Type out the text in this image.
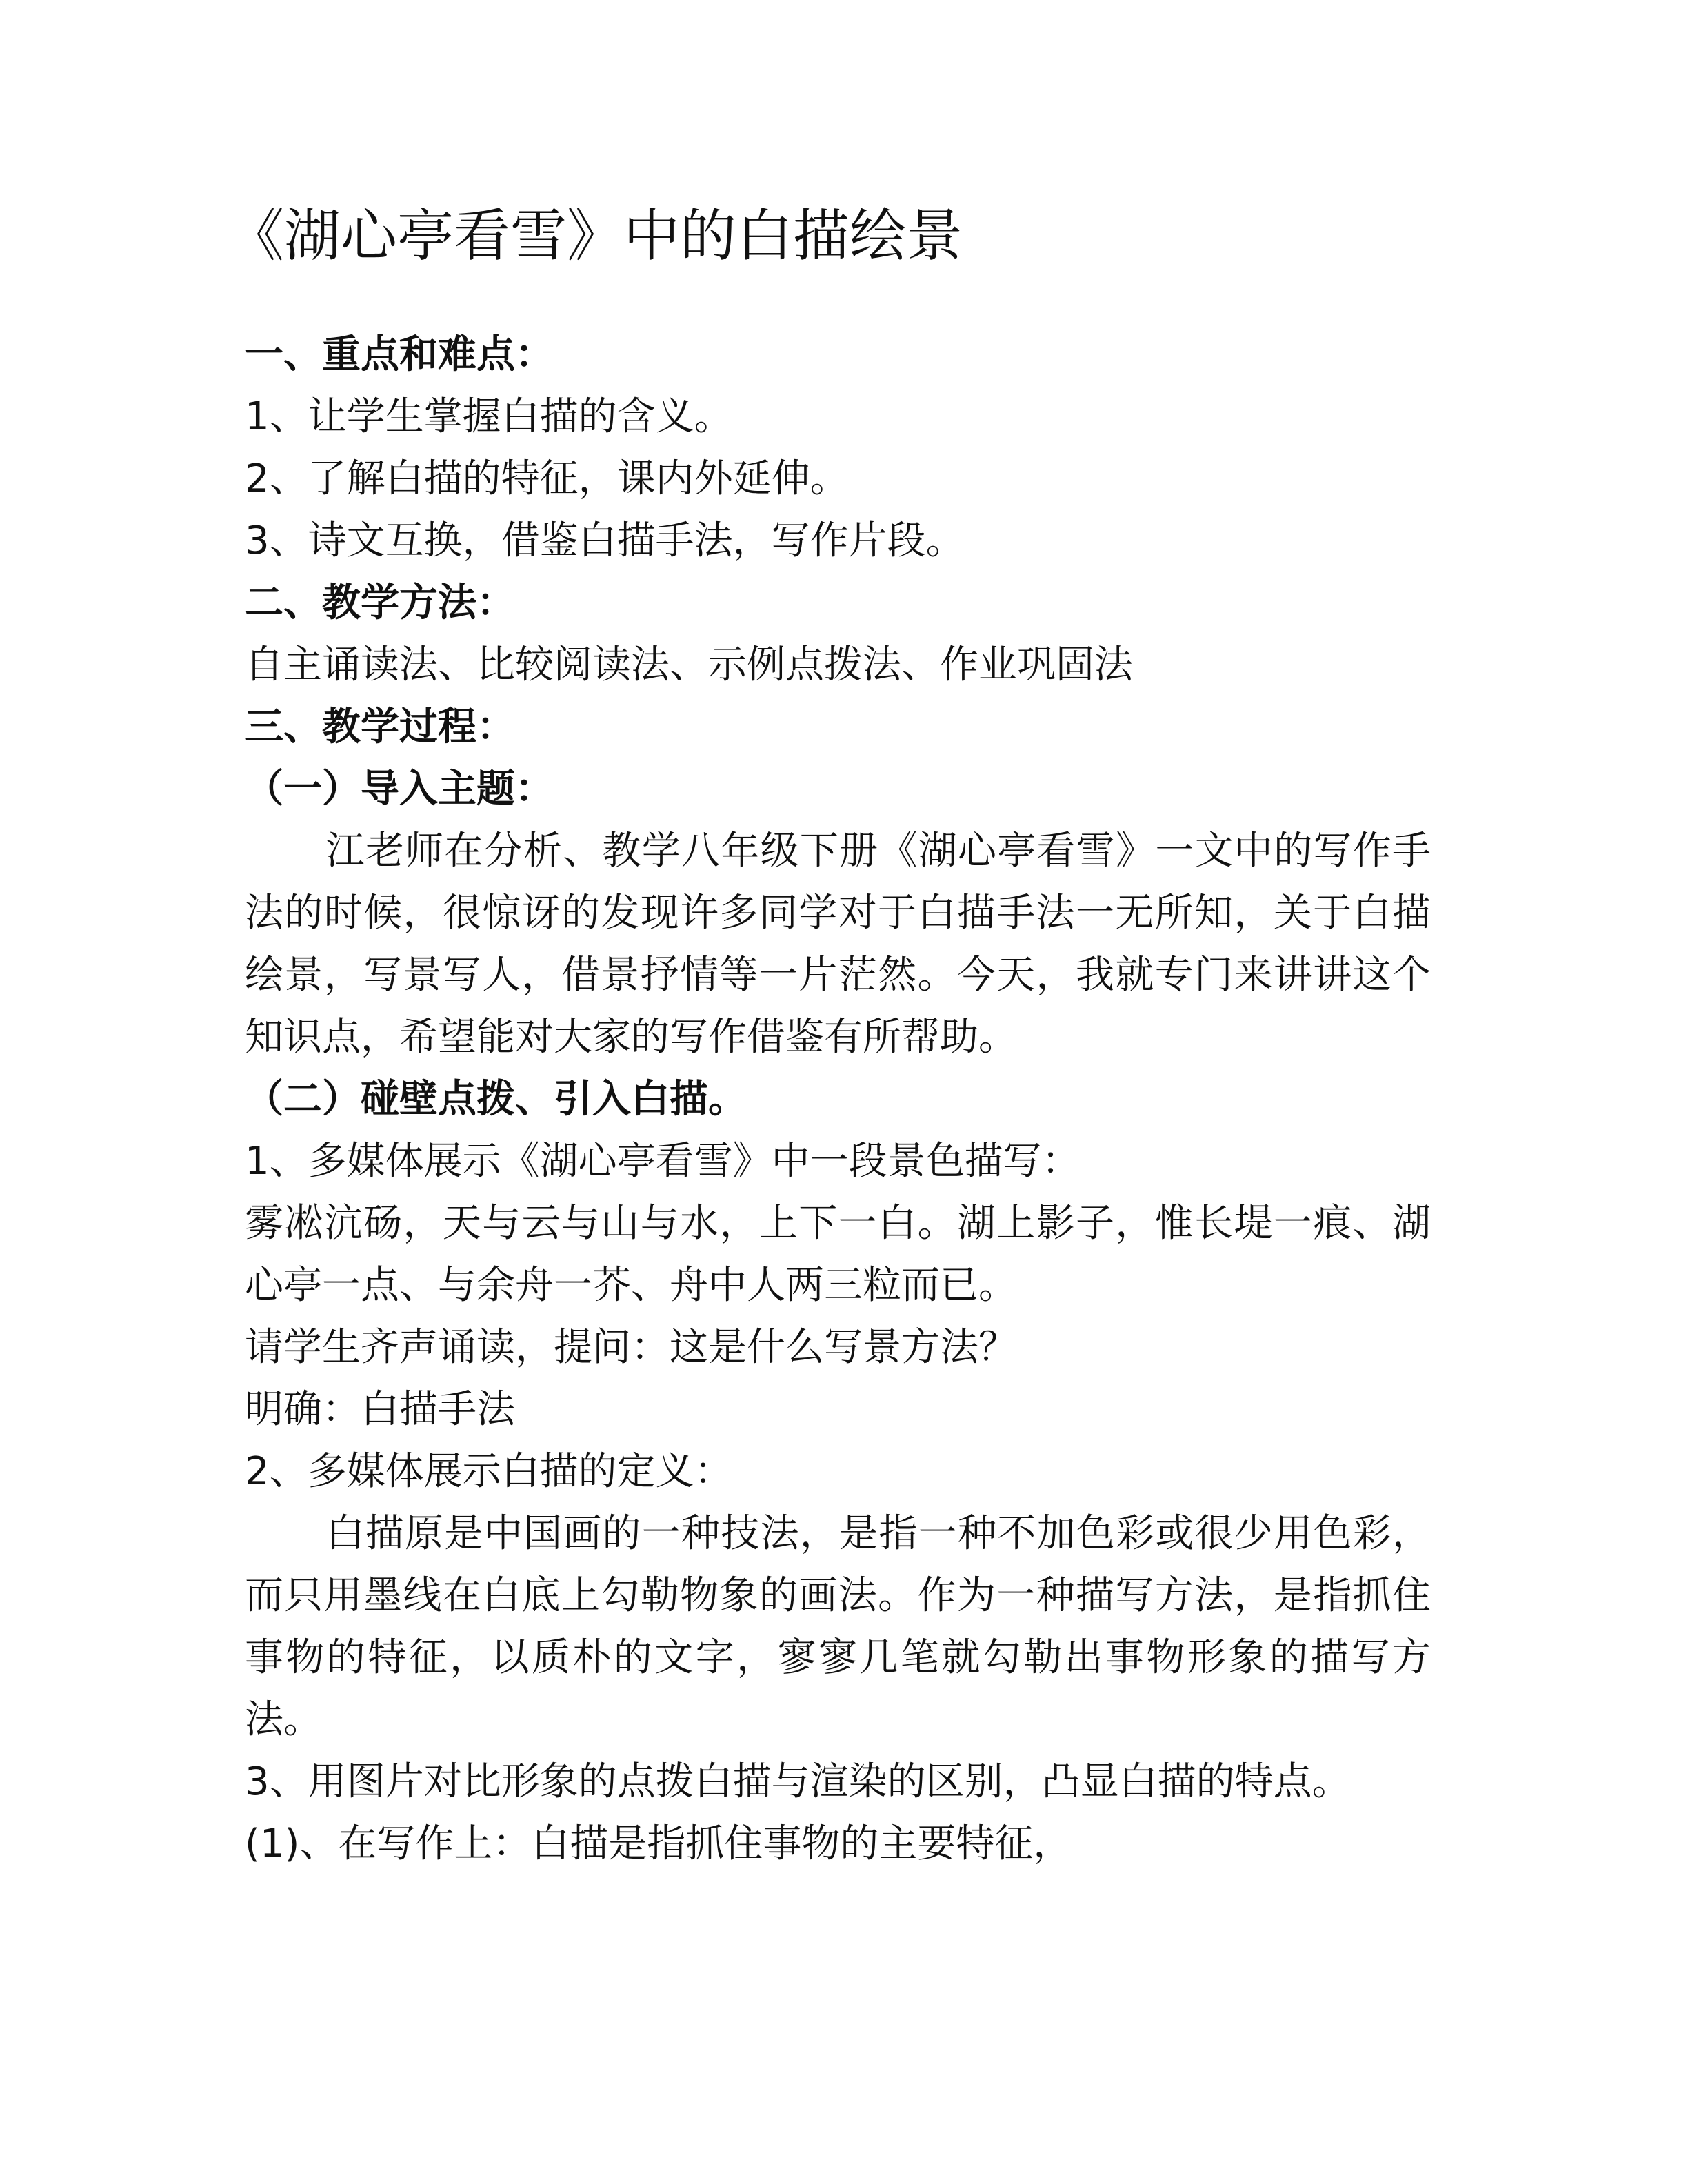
《湖心亭看雪》中的白描绘景

一、重点和难点：

1、让学生掌握白描的含义。

2、了解白描的特征，课内外延伸。

3、诗文互换，借鉴白描手法，写作片段。

二、教学方法：

自主诵读法、比较阅读法、示例点拨法、作业巩固法

三、教学过程：

（一）导入主题：

江老师在分析、教学八年级下册《湖心亭看雪》一文中的写作手法的时候，很惊讶的发现许多同学对于白描手法一无所知，关于白描绘景，写景写人，借景抒情等一片茫然。今天，我就专门来讲讲这个知识点，希望能对大家的写作借鉴有所帮助。

（二）碰壁点拨、引入白描。

1、多媒体展示《湖心亭看雪》中一段景色描写：

雾凇沆砀，天与云与山与水，上下一白。湖上影子，惟长堤一痕、湖心亭一点、与余舟一芥、舟中人两三粒而已。

请学生齐声诵读，提问：这是什么写景方法？

明确：白描手法

2、多媒体展示白描的定义：

白描原是中国画的一种技法，是指一种不加色彩或很少用色彩，而只用墨线在白底上勾勒物象的画法。作为一种描写方法，是指抓住事物的特征，以质朴的文字，寥寥几笔就勾勒出事物形象的描写方法。

3、用图片对比形象的点拨白描与渲染的区别，凸显白描的特点。

(1)、在写作上：白描是指抓住事物的主要特征，
